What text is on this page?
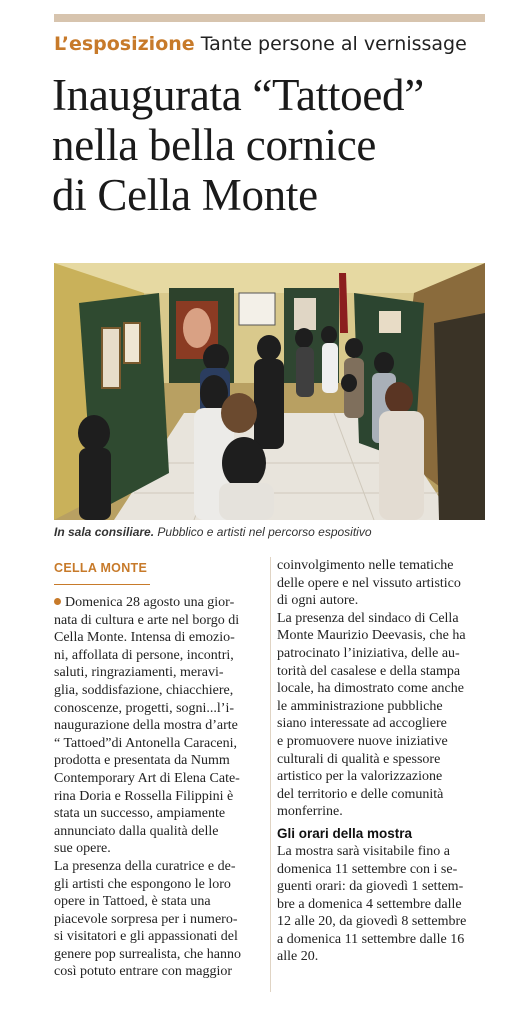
L’esposizione Tante persone al vernissage
Inaugurata “Tattoed”
nella bella cornice
di Cella Monte
In sala consiliare. Pubblico e artisti nel percorso espositivo
CELLA MONTE
Domenica 28 agosto una gior-
nata di cultura e arte nel borgo di
Cella Monte. Intensa di emozio-
ni, affollata di persone, incontri,
saluti, ringraziamenti, meravi-
glia, soddisfazione, chiacchiere,
conoscenze, progetti, sogni...l’i-
naugurazione della mostra d’arte
“ Tattoed”di Antonella Caraceni,
prodotta e presentata da Numm
Contemporary Art di Elena Cate-
rina Doria e Rossella Filippini è
stata un successo, ampiamente
annunciato dalla qualità delle
sue opere.
La presenza della curatrice e de-
gli artisti che espongono le loro
opere in Tattoed, è stata una
piacevole sorpresa per i numero-
si visitatori e gli appassionati del
genere pop surrealista, che hanno
così potuto entrare con maggior
coinvolgimento nelle tematiche
delle opere e nel vissuto artistico
di ogni autore.
La presenza del sindaco di Cella
Monte Maurizio Deevasis, che ha
patrocinato l’iniziativa, delle au-
torità del casalese e della stampa
locale, ha dimostrato come anche
le amministrazione pubbliche
siano interessate ad accogliere
e promuovere nuove iniziative
culturali di qualità e spessore
artistico per la valorizzazione
del territorio e delle comunità
monferrine.
Gli orari della mostra
La mostra sarà visitabile fino a
domenica 11 settembre con i se-
guenti orari: da giovedì 1 settem-
bre a domenica 4 settembre dalle
12 alle 20, da giovedì 8 settembre
a domenica 11 settembre dalle 16
alle 20.
